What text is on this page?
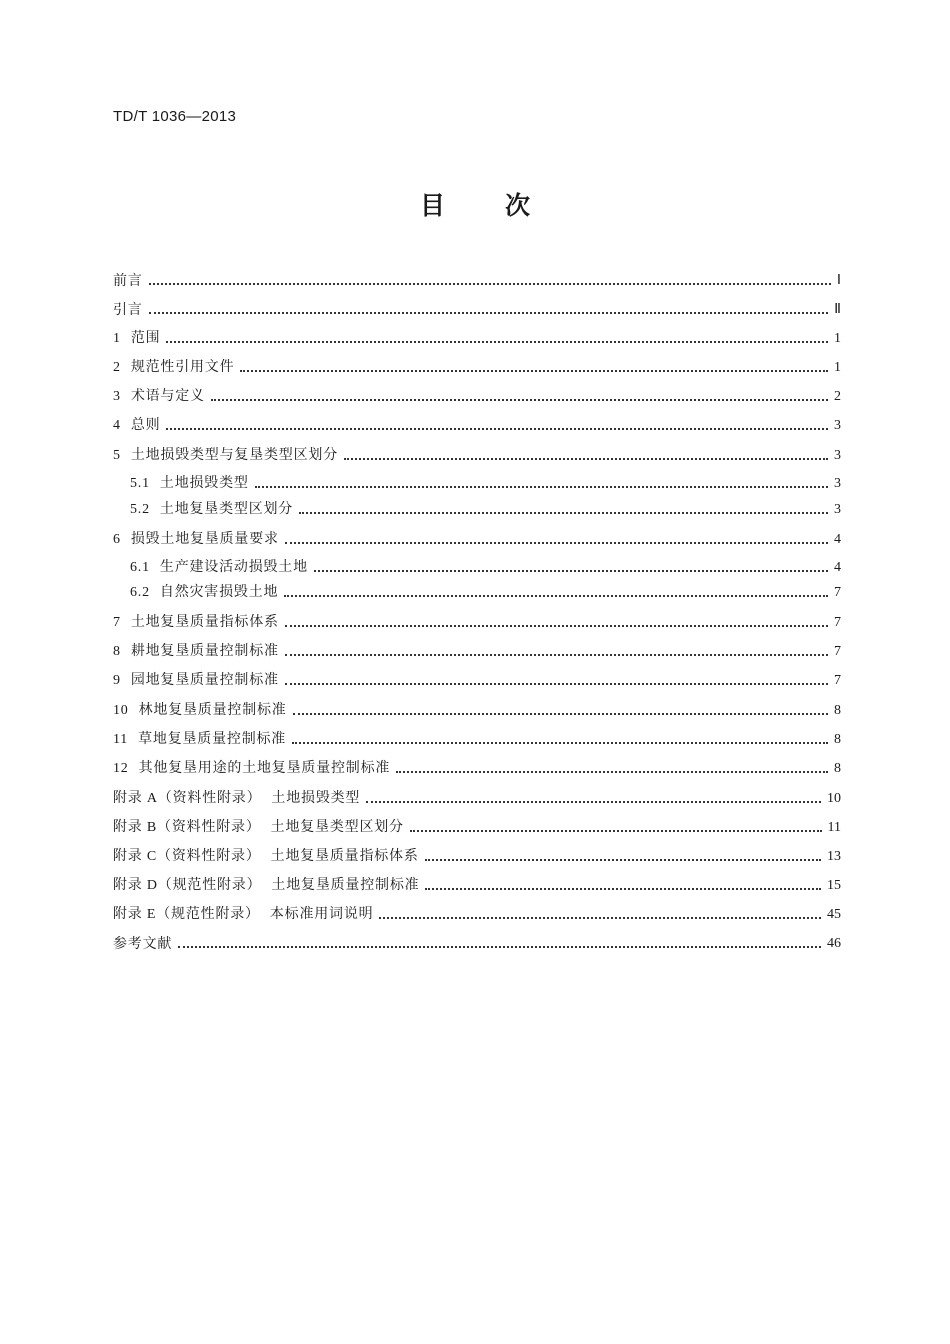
TD/T 1036—2013
目 次
前言	Ⅰ
引言	Ⅱ
1 范围	1
2 规范性引用文件	1
3 术语与定义	2
4 总则	3
5 土地损毁类型与复垦类型区划分	3
5.1 土地损毁类型	3
5.2 土地复垦类型区划分	3
6 损毁土地复垦质量要求	4
6.1 生产建设活动损毁土地	4
6.2 自然灾害损毁土地	7
7 土地复垦质量指标体系	7
8 耕地复垦质量控制标准	7
9 园地复垦质量控制标准	7
10 林地复垦质量控制标准	8
11 草地复垦质量控制标准	8
12 其他复垦用途的土地复垦质量控制标准	8
附录 A（资料性附录） 土地损毁类型	10
附录 B（资料性附录） 土地复垦类型区划分	11
附录 C（资料性附录） 土地复垦质量指标体系	13
附录 D（规范性附录） 土地复垦质量控制标准	15
附录 E（规范性附录） 本标准用词说明	45
参考文献	46
